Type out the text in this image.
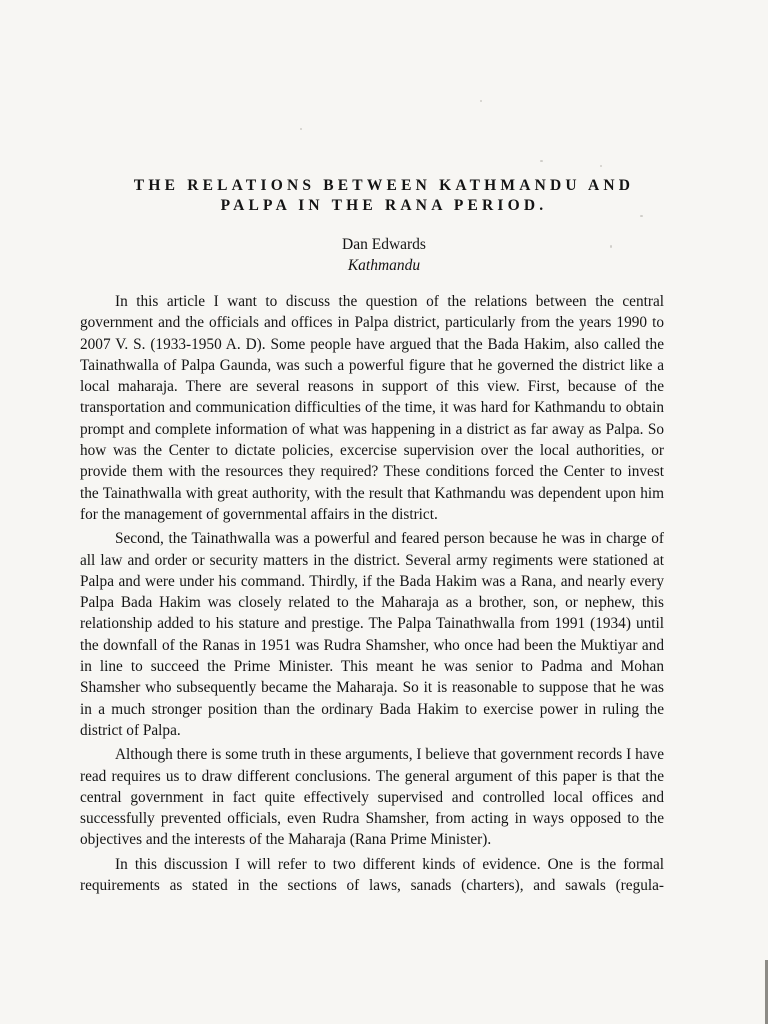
THE RELATIONS BETWEEN KATHMANDU AND
PALPA IN THE RANA PERIOD.
Dan Edwards
Kathmandu

In this article I want to discuss the question of the relations between the central government and the officials and offices in Palpa district, particularly from the years 1990 to 2007 V. S. (1933-1950 A. D). Some people have argued that the Bada Hakim, also called the Tainathwalla of Palpa Gaunda, was such a powerful figure that he governed the district like a local maharaja. There are several reasons in support of this view. First, because of the transportation and communication difficulties of the time, it was hard for Kathmandu to obtain prompt and complete information of what was happening in a district as far away as Palpa. So how was the Center to dictate policies, excercise supervision over the local authorities, or provide them with the resources they required? These conditions forced the Center to invest the Tainathwalla with great authority, with the result that Kathmandu was dependent upon him for the management of governmental affairs in the district.

Second, the Tainathwalla was a powerful and feared person because he was in charge of all law and order or security matters in the district. Several army regiments were stationed at Palpa and were under his command. Thirdly, if the Bada Hakim was a Rana, and nearly every Palpa Bada Hakim was closely related to the Maharaja as a brother, son, or nephew, this relationship added to his stature and prestige. The Palpa Tainathwalla from 1991 (1934) until the downfall of the Ranas in 1951 was Rudra Shamsher, who once had been the Muktiyar and in line to succeed the Prime Minister. This meant he was senior to Padma and Mohan Shamsher who subsequently became the Maharaja. So it is reasonable to suppose that he was in a much stronger position than the ordinary Bada Hakim to exercise power in ruling the district of Palpa.

Although there is some truth in these arguments, I believe that government records I have read requires us to draw different conclusions. The general argument of this paper is that the central government in fact quite effectively supervised and controlled local offices and successfully prevented officials, even Rudra Shamsher, from acting in ways opposed to the objectives and the interests of the Maharaja (Rana Prime Minister).

In this discussion I will refer to two different kinds of evidence. One is the formal requirements as stated in the sections of laws, sanads (charters), and sawals (regula-
